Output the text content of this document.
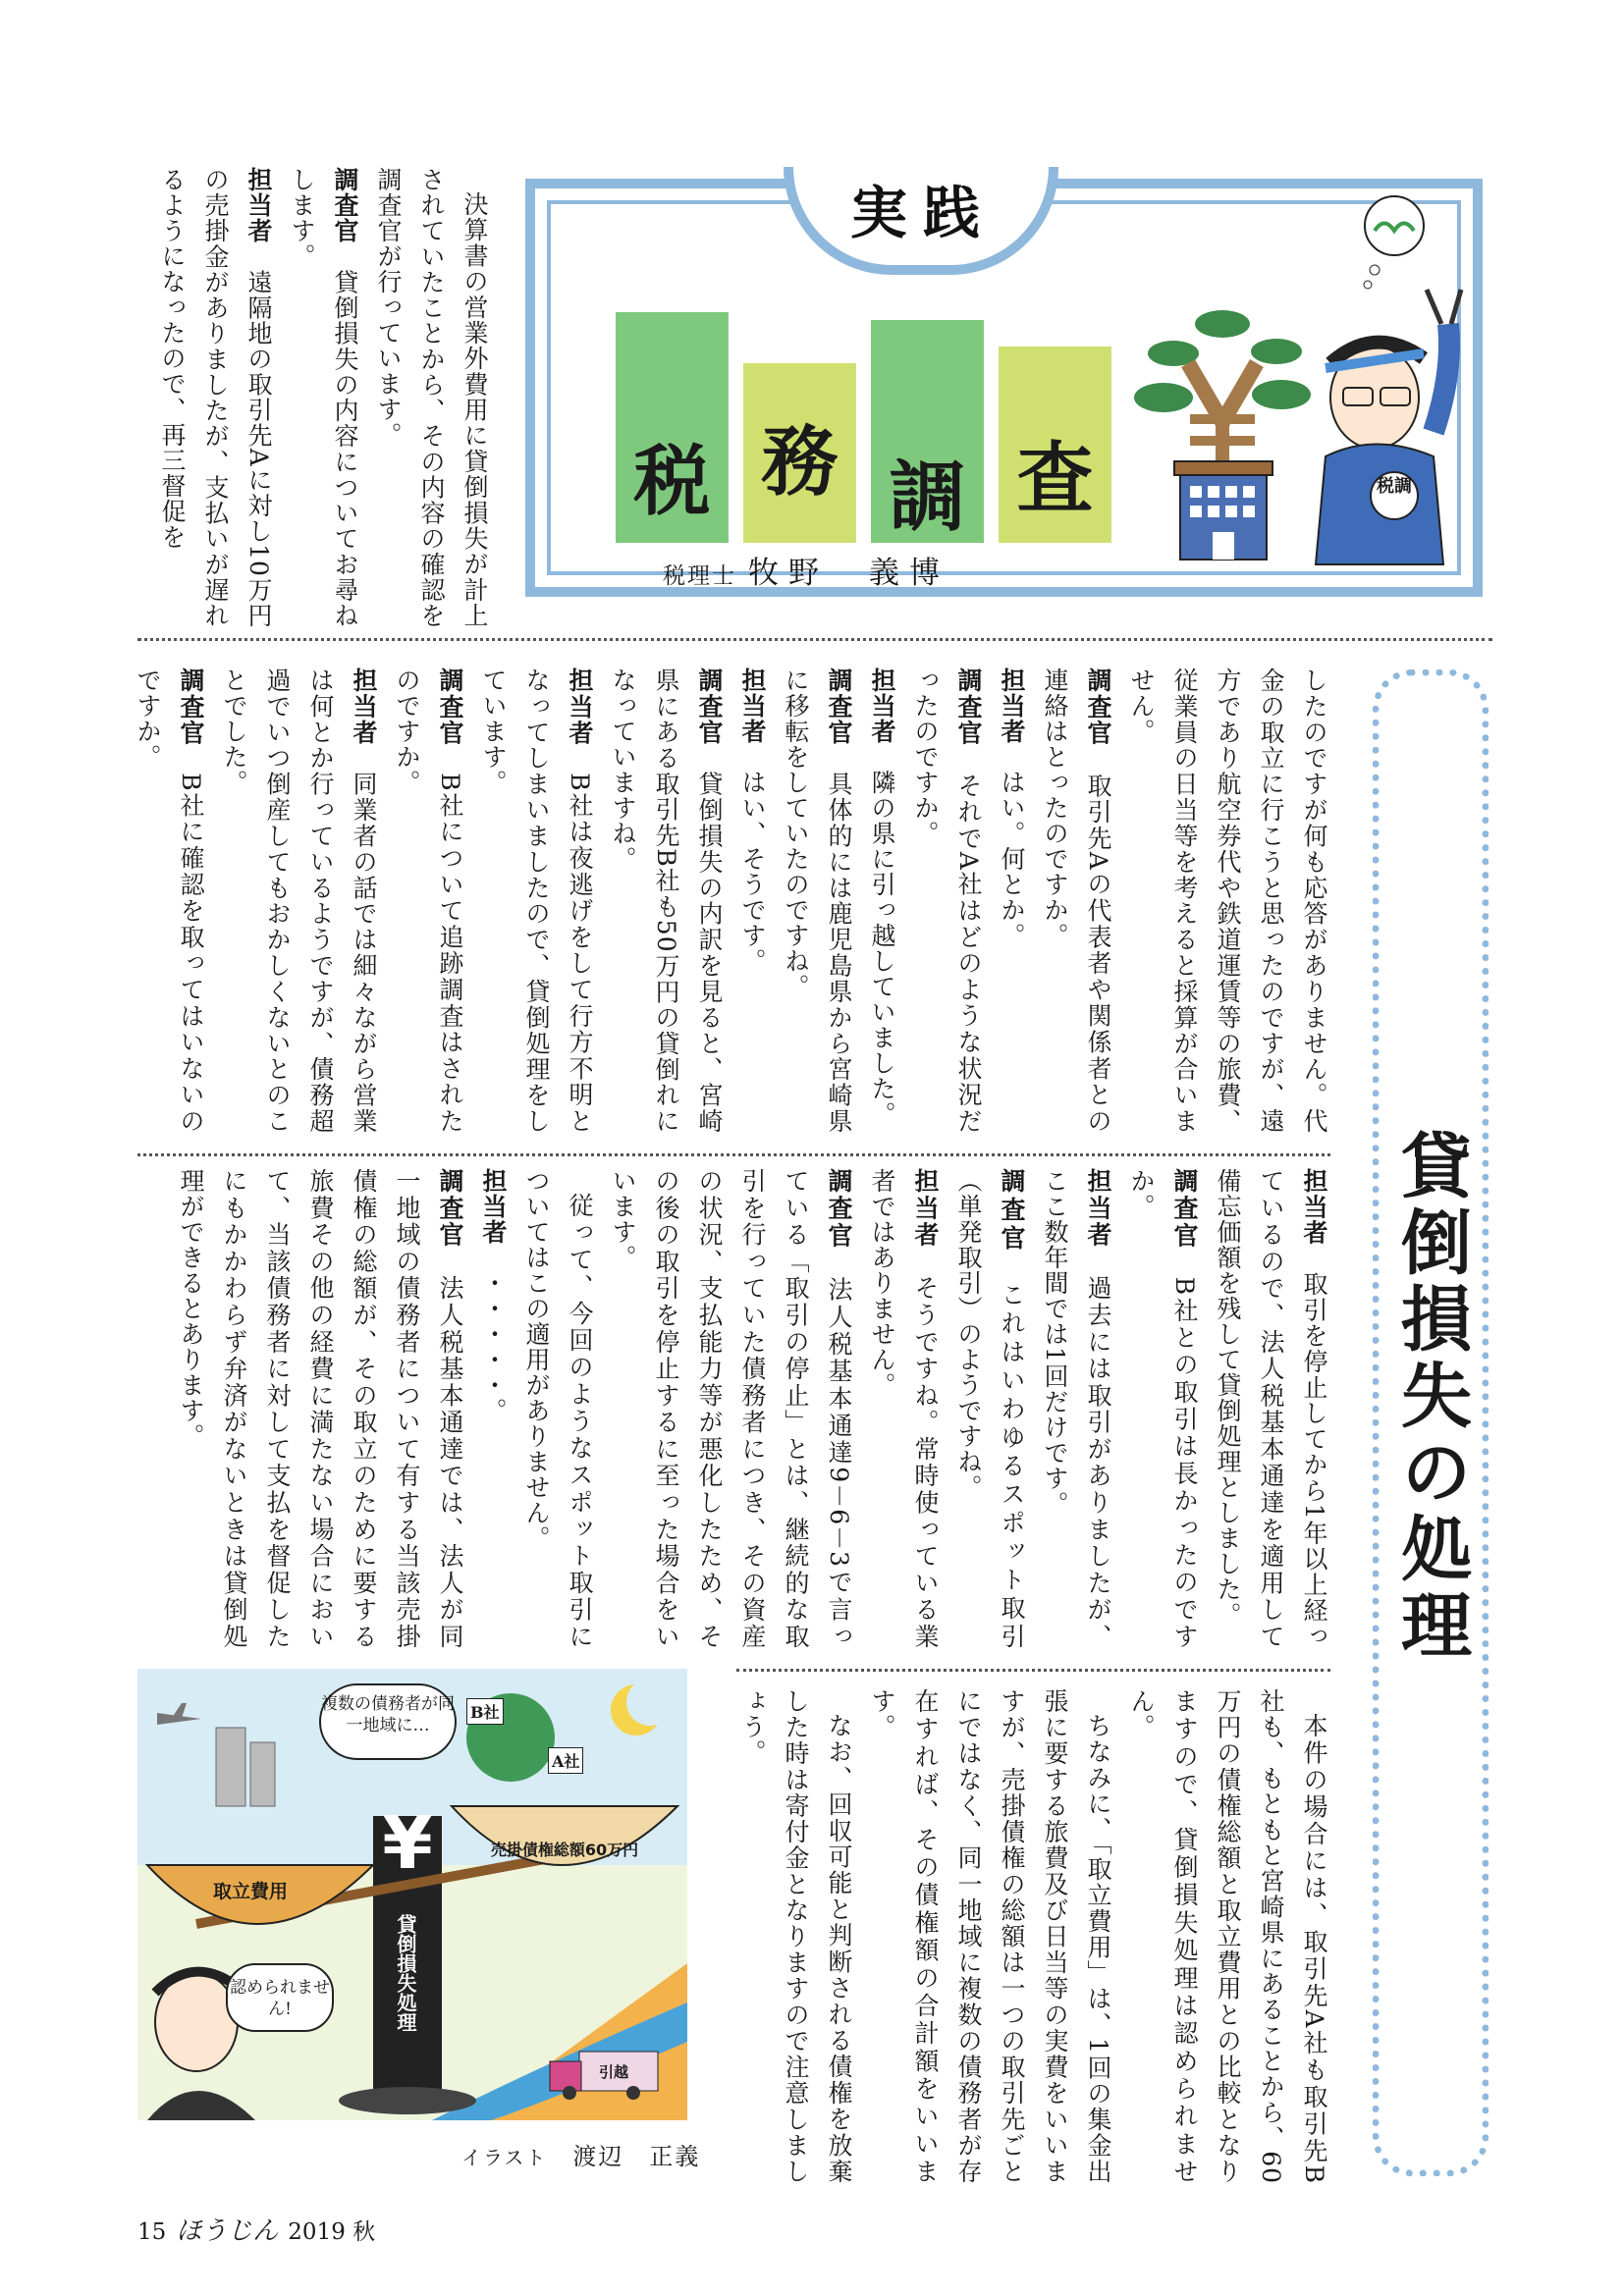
実践
税 務 調 査
税理士 牧野　義博
税調

決算書の営業外費用に貸倒損失が計上されていたことから、その内容の確認を調査官が行っています。

調査官貸倒損失の内容についてお尋ねします。

担当者遠隔地の取引先Aに対し10万円の売掛金がありましたが、支払いが遅れるようになったので、再三督促を

貸倒損失の処理

したのですが何も応答がありません。代金の取立に行こうと思ったのですが、遠方であり航空券代や鉄道運賃等の旅費、従業員の日当等を考えると採算が合いません。

調査官取引先Aの代表者や関係者との連絡はとったのですか。

担当者はい。何とか。

調査官それでA社はどのような状況だったのですか。

担当者隣の県に引っ越していました。

調査官具体的には鹿児島県から宮崎県に移転をしていたのですね。

担当者はい、そうです。

調査官貸倒損失の内訳を見ると、宮崎県にある取引先B社も50万円の貸倒れになっていますね。

担当者B社は夜逃げをして行方不明となってしまいましたので、貸倒処理をしています。

調査官B社について追跡調査はされたのですか。

担当者同業者の話では細々ながら営業は何とか行っているようですが、債務超過でいつ倒産してもおかしくないとのことでした。

調査官B社に確認を取ってはいないのですか。

担当者取引を停止してから1年以上経っているので、法人税基本通達を適用して備忘価額を残して貸倒処理としました。

調査官B社との取引は長かったのですか。

担当者過去には取引がありましたが、ここ数年間では1回だけです。

調査官これはいわゆるスポット取引（単発取引）のようですね。

担当者そうですね。常時使っている業者ではありません。

調査官法人税基本通達9－6－3で言っている「取引の停止」とは、継続的な取引を行っていた債務者につき、その資産の状況、支払能力等が悪化したため、その後の取引を停止するに至った場合をいいます。

従って、今回のようなスポット取引についてはこの適用がありません。

担当者・・・・・。

調査官法人税基本通達では、法人が同一地域の債務者について有する当該売掛債権の総額が、その取立のために要する旅費その他の経費に満たない場合において、当該債務者に対して支払を督促したにもかかわらず弁済がないときは貸倒処理ができるとあります。

本件の場合には、取引先A社も取引先B社も、もともと宮崎県にあることから、60万円の債権総額と取立費用との比較となりますので、貸倒損失処理は認められません。

ちなみに、「取立費用」は、1回の集金出張に要する旅費及び日当等の実費をいいますが、売掛債権の総額は一つの取引先ごとにではなく、同一地域に複数の債務者が存在すれば、その債権額の合計額をいいます。

なお、回収可能と判断される債権を放棄した時は寄付金となりますので注意しましょう。

複数の債務者が同一地域に…
認められません!
取立費用
売掛債権総額60万円
¥
貸倒損失処理
A社
B社
引越
イラスト　 渡辺　正義
15 ほうじん 2019 秋
